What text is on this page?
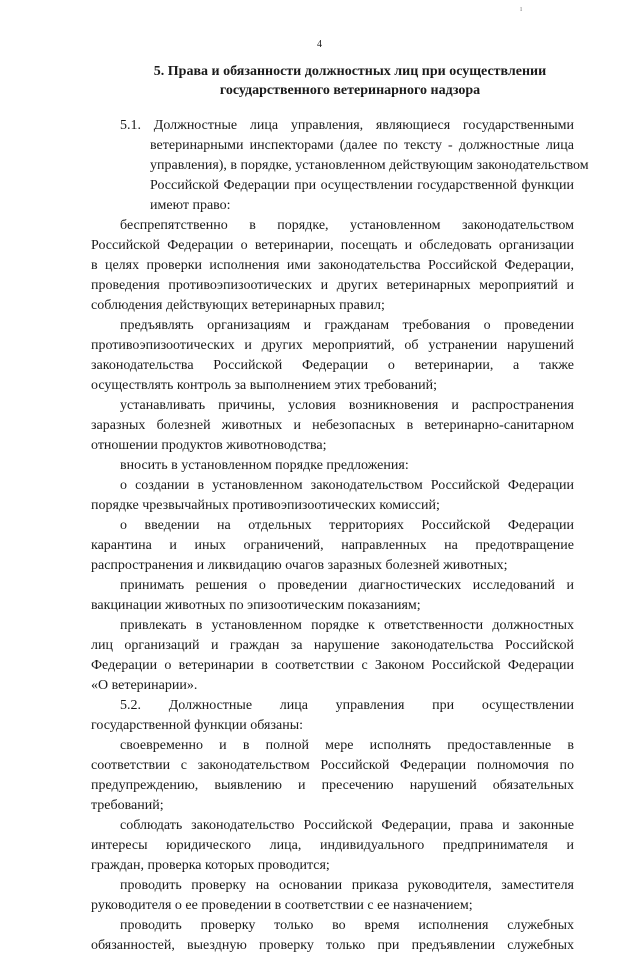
ı
4
5. Права и обязанности должностных лиц при осуществлении
государственного ветеринарного надзора
5.1. Должностные лица управления, являющиеся государственными
ветеринарными инспекторами (далее по тексту - должностные лица
управления), в порядке, установленном действующим законодательством
Российской Федерации при осуществлении государственной функции
имеют право:
беспрепятственно в порядке, установленном законодательством
Российской Федерации о ветеринарии, посещать и обследовать организации
в целях проверки исполнения ими законодательства Российской Федерации,
проведения противоэпизоотических и других ветеринарных мероприятий и
соблюдения действующих ветеринарных правил;
предъявлять организациям и гражданам требования о проведении
противоэпизоотических и других мероприятий, об устранении нарушений
законодательства Российской Федерации о ветеринарии, а также
осуществлять контроль за выполнением этих требований;
устанавливать причины, условия возникновения и распространения
заразных болезней животных и небезопасных в ветеринарно-санитарном
отношении продуктов животноводства;
вносить в установленном порядке предложения:
о создании в установленном законодательством Российской Федерации
порядке чрезвычайных противоэпизоотических комиссий;
о введении на отдельных территориях Российской Федерации
карантина и иных ограничений, направленных на предотвращение
распространения и ликвидацию очагов заразных болезней животных;
принимать решения о проведении диагностических исследований и
вакцинации животных по эпизоотическим показаниям;
привлекать в установленном порядке к ответственности должностных
лиц организаций и граждан за нарушение законодательства Российской
Федерации о ветеринарии в соответствии с Законом Российской Федерации
«О ветеринарии».
5.2. Должностные лица управления при осуществлении
государственной функции обязаны:
своевременно и в полной мере исполнять предоставленные в
соответствии с законодательством Российской Федерации полномочия по
предупреждению, выявлению и пресечению нарушений обязательных
требований;
соблюдать законодательство Российской Федерации, права и законные
интересы юридического лица, индивидуального предпринимателя и
граждан, проверка которых проводится;
проводить проверку на основании приказа руководителя, заместителя
руководителя о ее проведении в соответствии с ее назначением;
проводить проверку только во время исполнения служебных
обязанностей, выездную проверку только при предъявлении служебных
